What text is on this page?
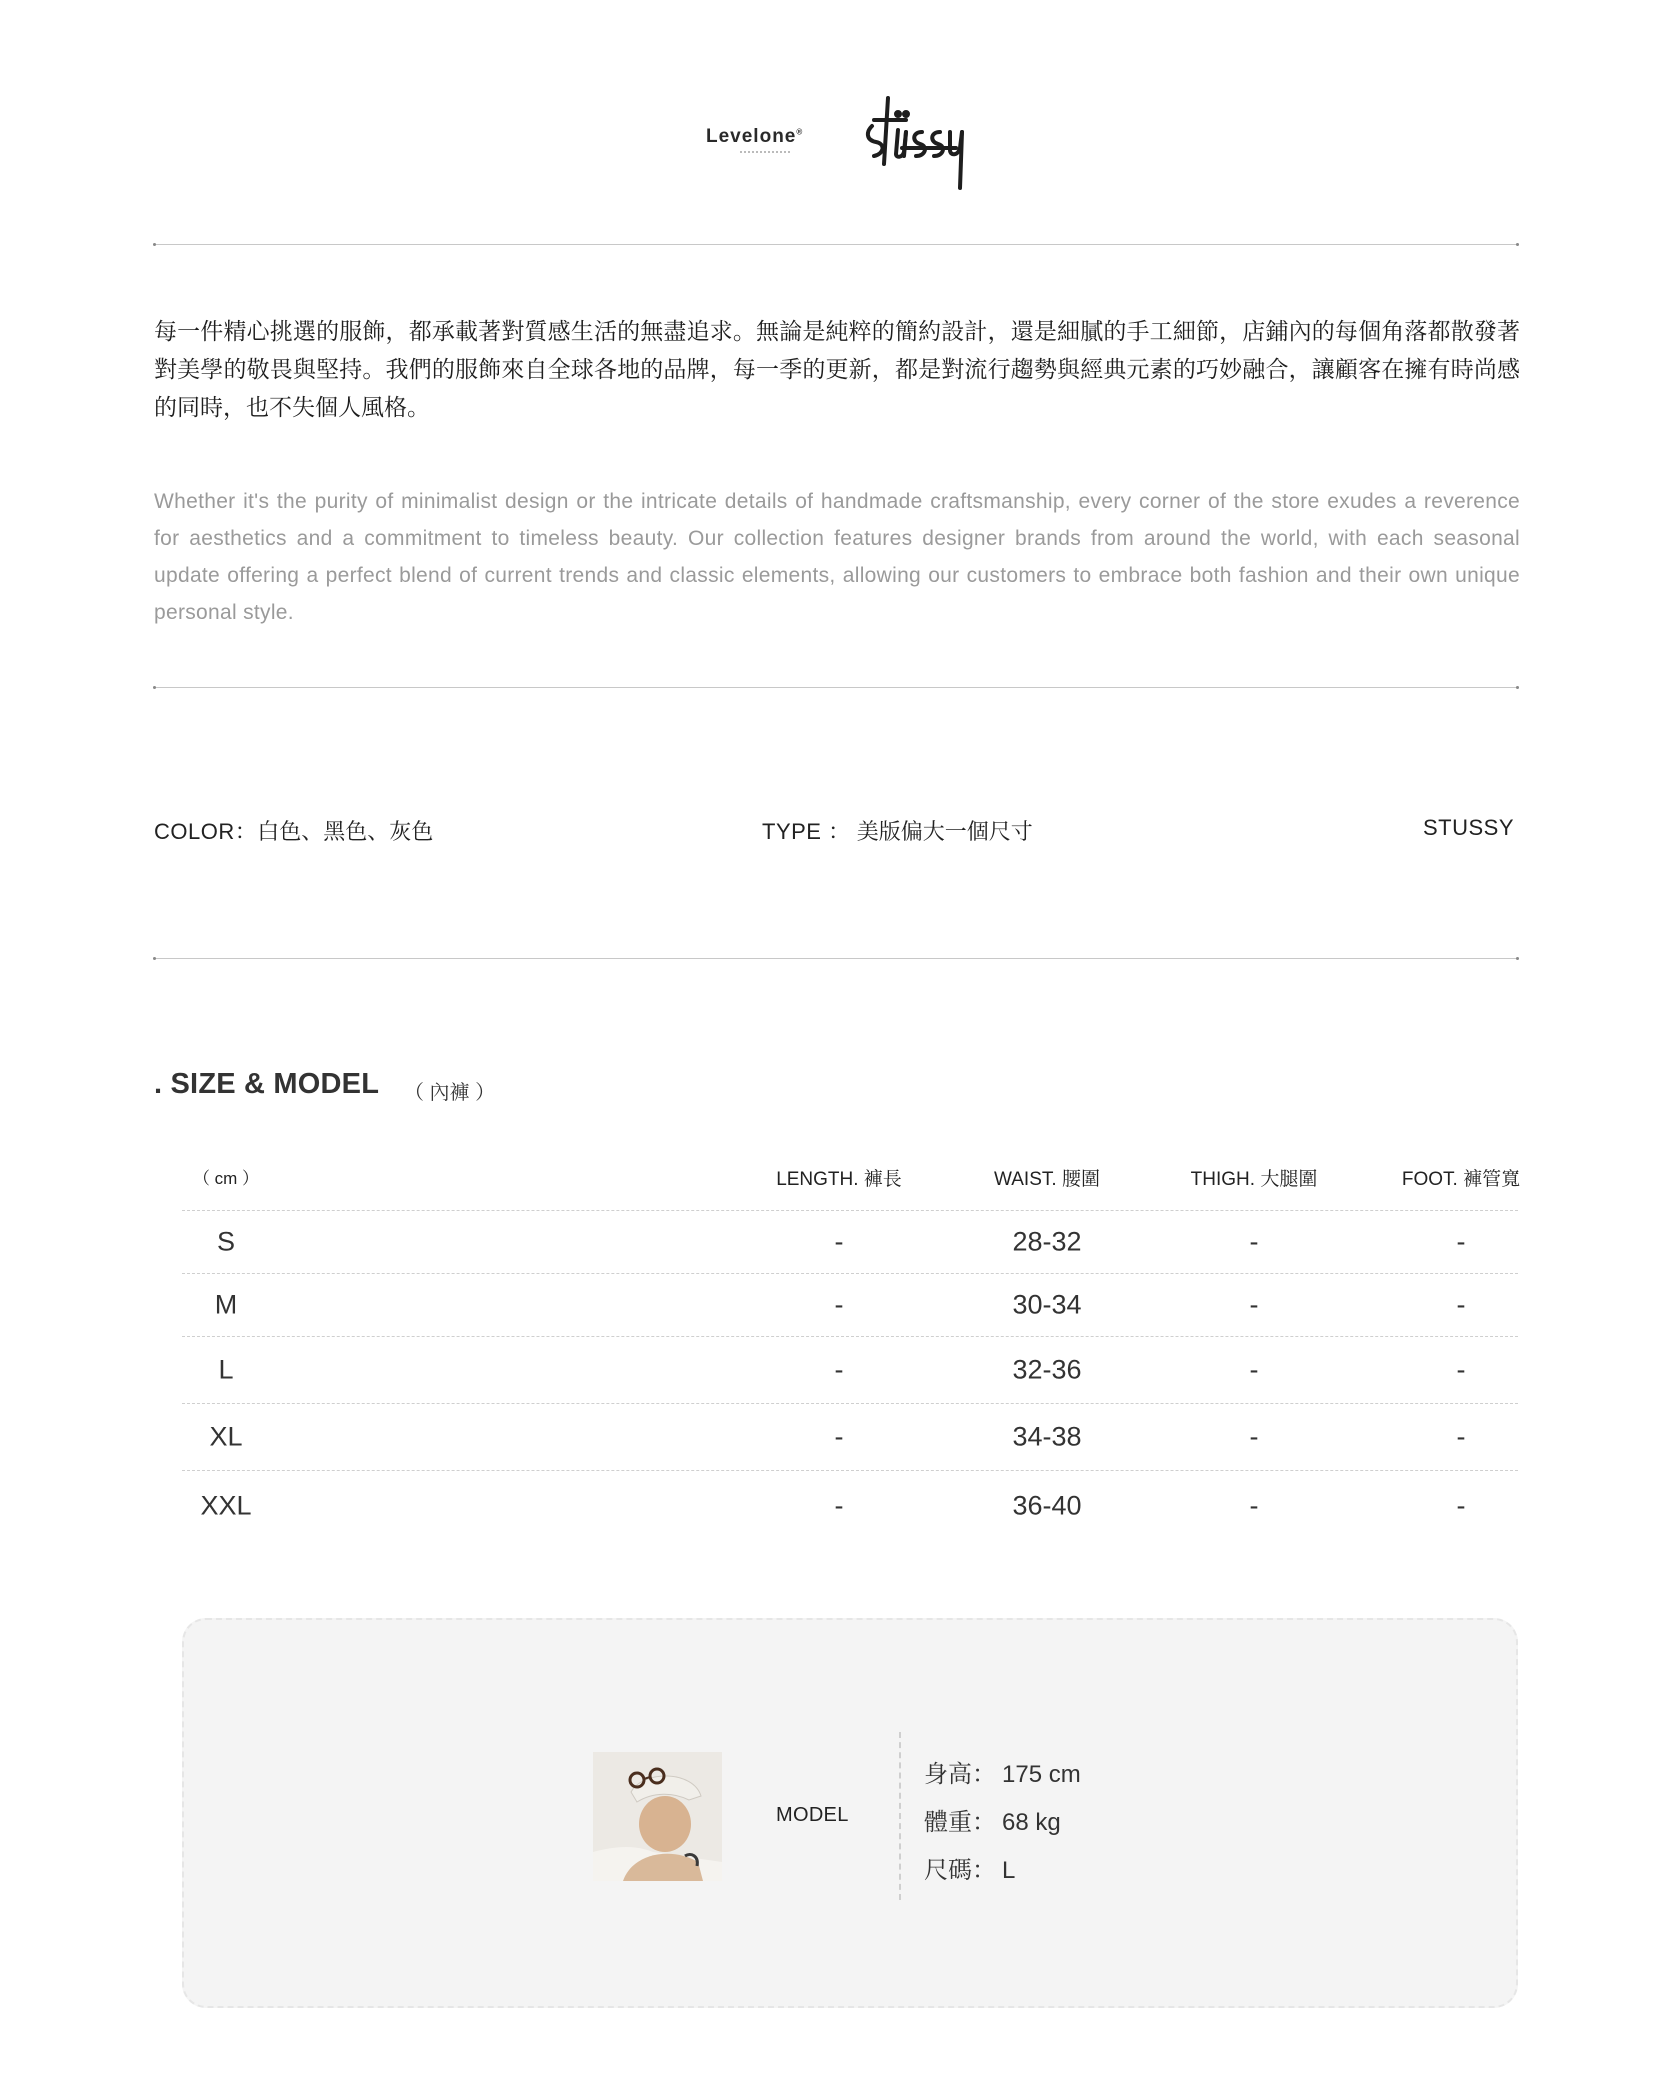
Levelone®
每一件精心挑選的服飾，都承載著對質感生活的無盡追求。無論是純粹的簡約設計，還是細膩的手工細節，店鋪內的每個角落都散發著對美學的敬畏與堅持。我們的服飾來自全球各地的品牌，每一季的更新，都是對流行趨勢與經典元素的巧妙融合，讓顧客在擁有時尚感的同時，也不失個人風格。
Whether it's the purity of minimalist design or the intricate details of handmade craftsmanship, every corner of the store exudes a reverence for aesthetics and a commitment to timeless beauty. Our collection features designer brands from around the world, with each seasonal update offering a perfect blend of current trends and classic elements, allowing our customers to embrace both fashion and their own unique personal style.
COLOR：白色、黑色、灰色	TYPE ： 美版偏大一個尺寸	STUSSY
. SIZE & MODEL （ 內褲 ）
（ cm ）	LENGTH. 褲長	WAIST. 腰圍	THIGH. 大腿圍	FOOT. 褲管寬
S	-	28-32	-	-
M	-	30-34	-	-
L	-	32-36	-	-
XL	-	34-38	-	-
XXL	-	36-40	-	-
MODEL
身高： 175 cm
體重： 68 kg
尺碼： L
